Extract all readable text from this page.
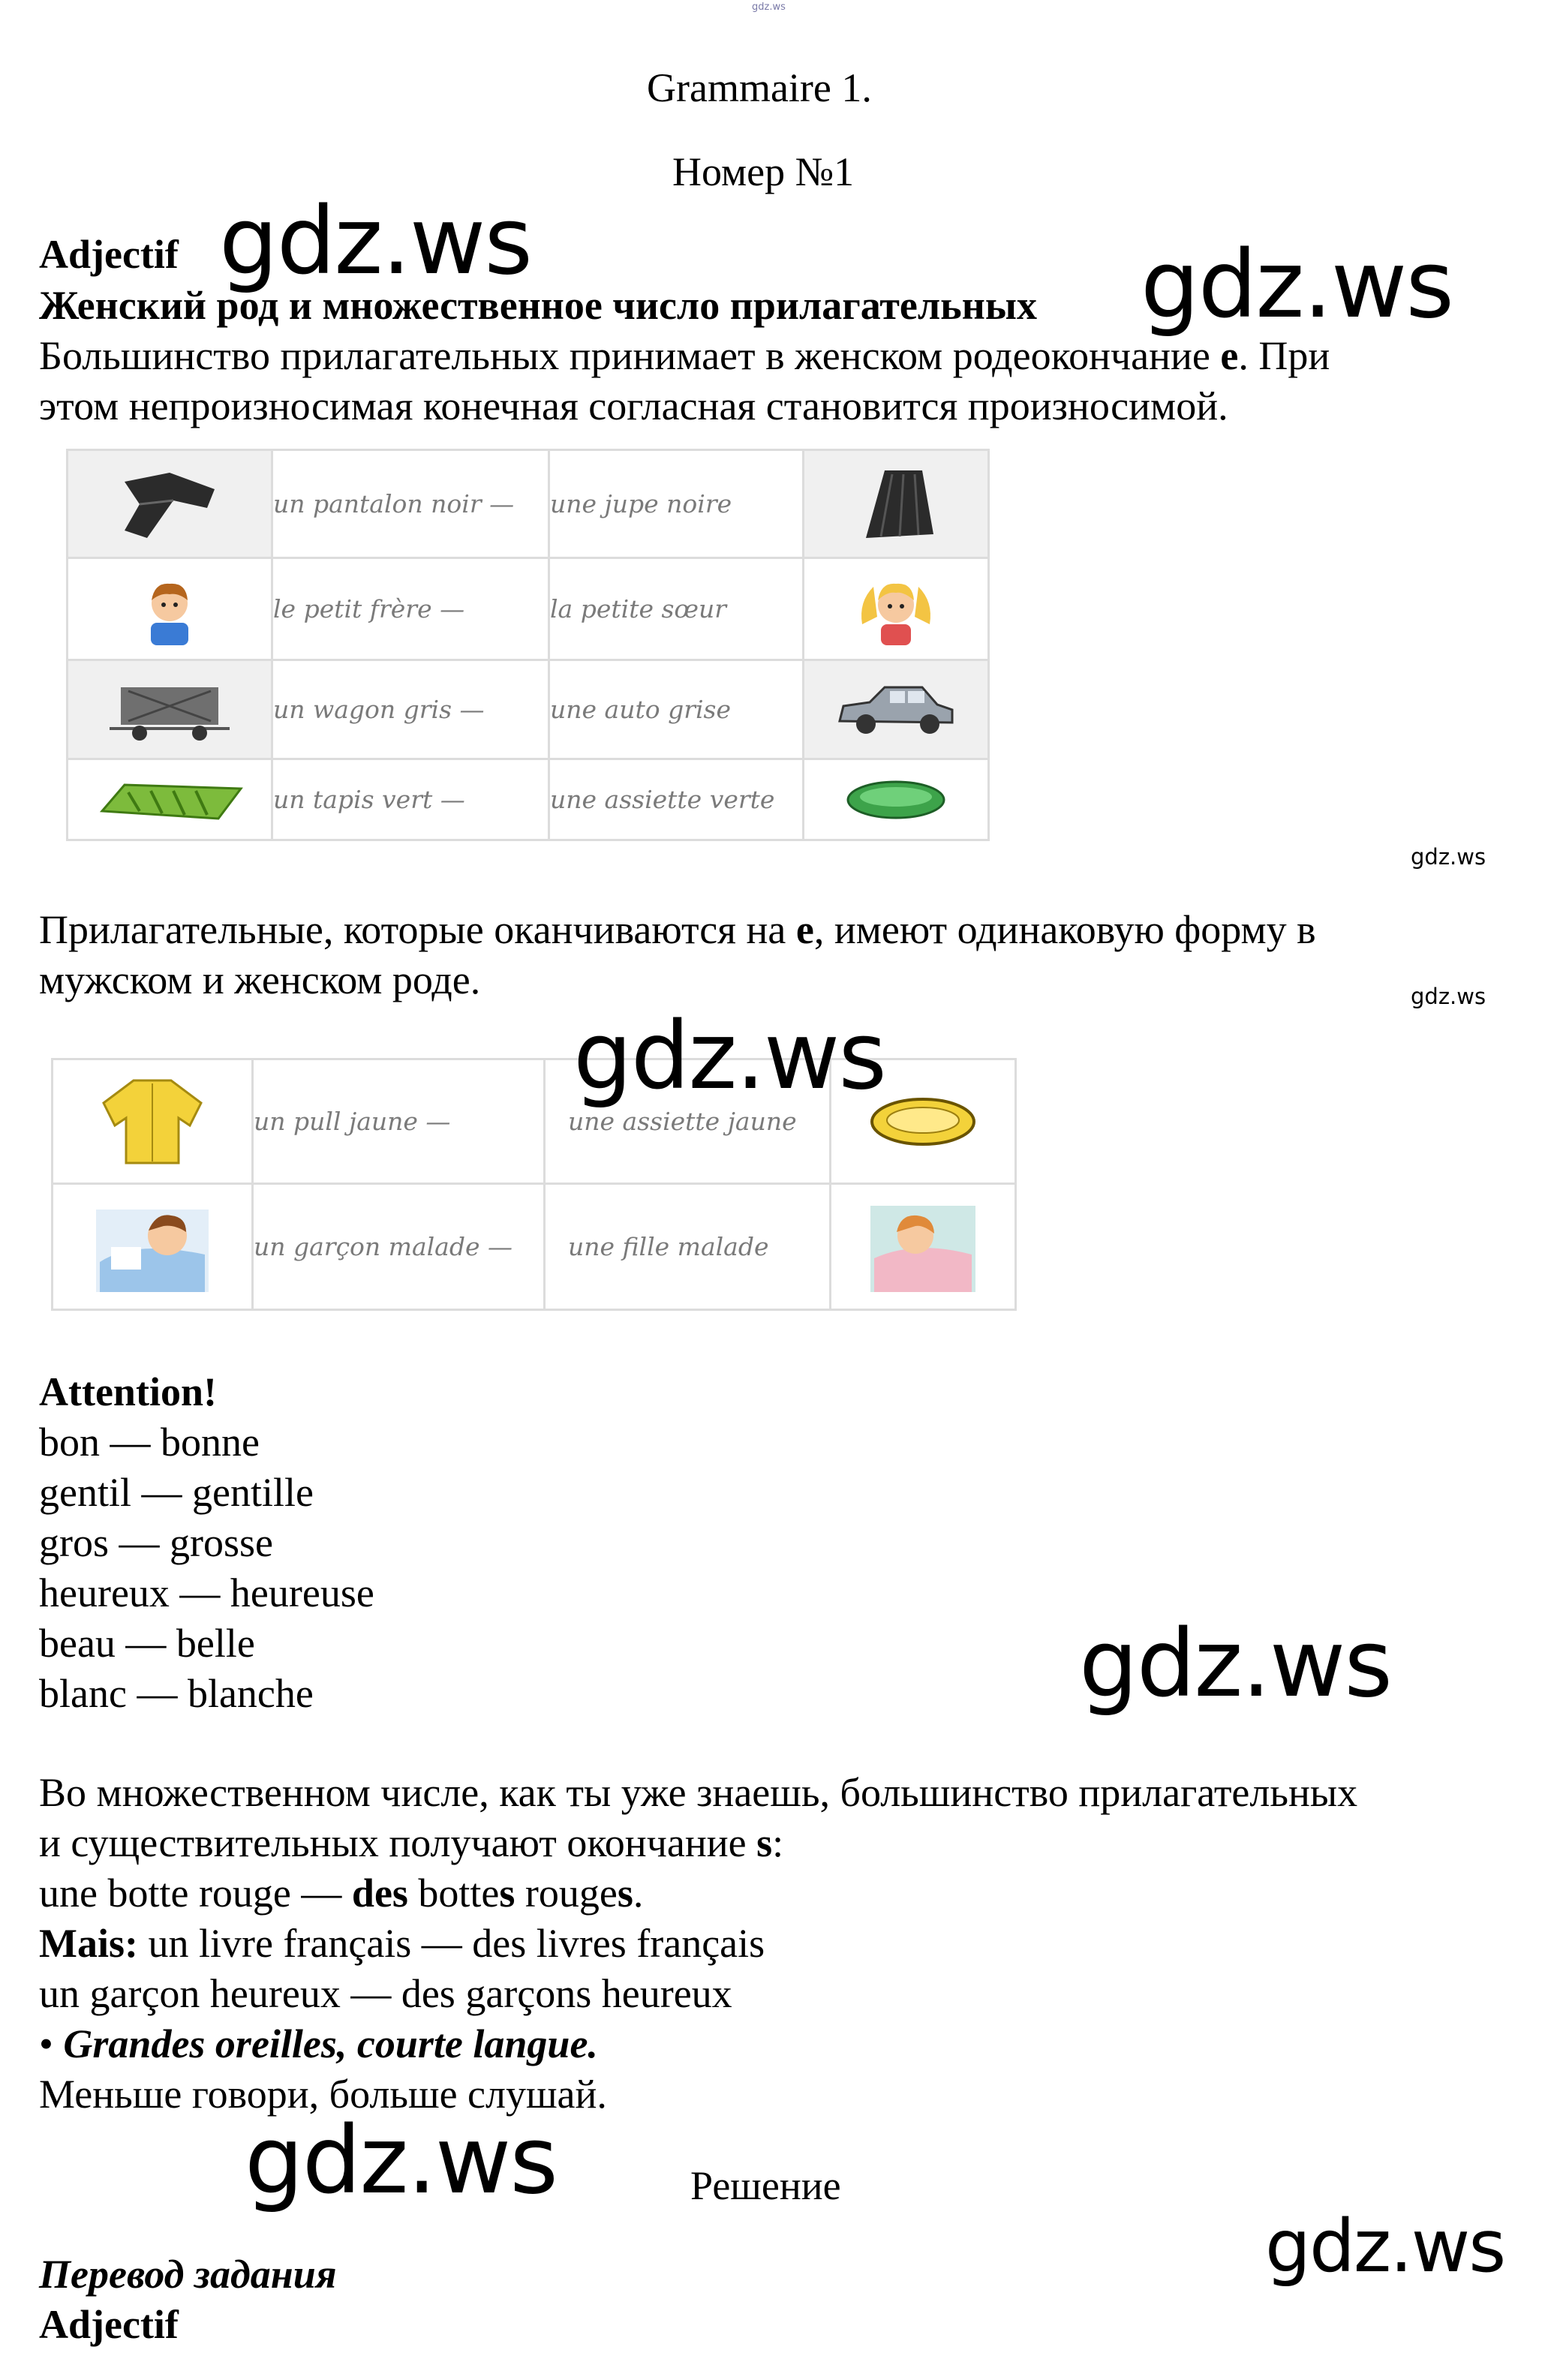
gdz.ws
Grammaire 1.
Номер №1
Adjectif
Женский род и множественное число прилагательных
Большинство прилагательных принимает в женском родеокончание e. При
этом непроизносимая конечная согласная становится произносимой.
gdz.ws	gdz.ws
	un pantalon noir —	une jupe noire	

	le petit frère —	la petite sœur	

	un wagon gris —	une auto grise	

	un tapis vert —	une assiette verte	
gdz.ws
Прилагательные, которые оканчиваются на e, имеют одинаковую форму в
мужском и женском роде.	gdz.ws
	un pull jaune —	une assiette jaune	

	un garçon malade —	une fille malade	
gdz.ws
Attention!
bon — bonne
gentil — gentille
gros — grosse
heureux — heureuse
beau — belle
blanc — blanche	gdz.ws
Во множественном числе, как ты уже знаешь, большинство прилагательных
и существительных получают окончание s:
une botte rouge — des bottes rouges.
Mais: un livre français — des livres français
un garçon heureux — des garçons heureux
• Grandes oreilles, courte langue.
Меньше говори, больше слушай.
gdz.ws	Решение
gdz.ws
Перевод задания
Adjectif
